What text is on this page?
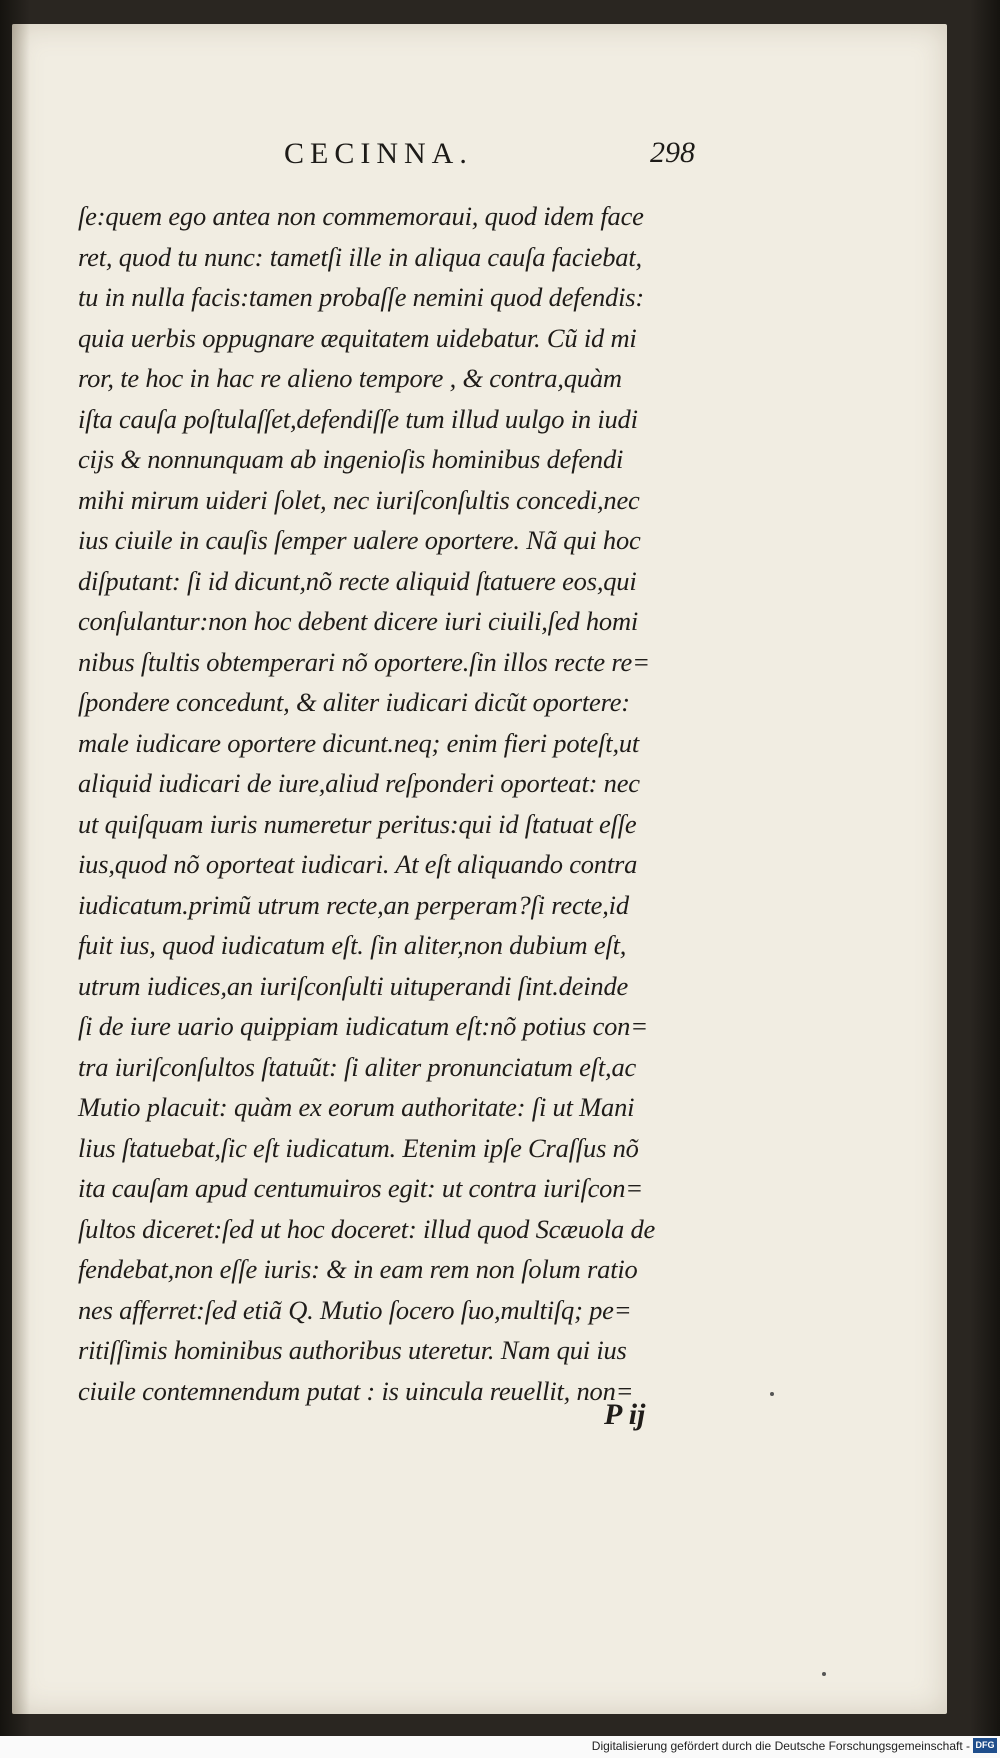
CECINNA.	298
ſe:quem ego antea non commemoraui, quod idem face
ret, quod tu nunc: tametſi ille in aliqua cauſa faciebat,
tu in nulla facis:tamen probaſſe nemini quod defendis:
quia uerbis oppugnare æquitatem uidebatur. Cũ id mi
ror, te hoc in hac re alieno tempore , & contra,quàm
iſta cauſa poſtulaſſet,defendiſſe tum illud uulgo in iudi
cijs & nonnunquam ab ingenioſis hominibus defendi
mihi mirum uideri ſolet, nec iuriſconſultis concedi,nec
ius ciuile in cauſis ſemper ualere oportere. Nã qui hoc
diſputant: ſi id dicunt,nõ recte aliquid ſtatuere eos,qui
conſulantur:non hoc debent dicere iuri ciuili,ſed homi
nibus ſtultis obtemperari nõ oportere.ſin illos recte re=
ſpondere concedunt, & aliter iudicari dicũt oportere:
male iudicare oportere dicunt.neq; enim fieri poteſt,ut
aliquid iudicari de iure,aliud reſponderi oporteat: nec
ut quiſquam iuris numeretur peritus:qui id ſtatuat eſſe
ius,quod nõ oporteat iudicari. At eſt aliquando contra
iudicatum.primũ utrum recte,an perperam?ſi recte,id
fuit ius, quod iudicatum eſt. ſin aliter,non dubium eſt,
utrum iudices,an iuriſconſulti uituperandi ſint.deinde
ſi de iure uario quippiam iudicatum eſt:nõ potius con=
tra iuriſconſultos ſtatuũt: ſi aliter pronunciatum eſt,ac
Mutio placuit: quàm ex eorum authoritate: ſi ut Mani
lius ſtatuebat,ſic eſt iudicatum. Etenim ipſe Craſſus nõ
ita cauſam apud centumuiros egit: ut contra iuriſcon=
ſultos diceret:ſed ut hoc doceret: illud quod Scæuola de
fendebat,non eſſe iuris: & in eam rem non ſolum ratio
nes afferret:ſed etiã Q. Mutio ſocero ſuo,multiſq; pe=
ritiſſimis hominibus authoribus uteretur. Nam qui ius
ciuile contemnendum putat : is uincula reuellit, non=
P ij
Digitalisierung gefördert durch die Deutsche Forschungsgemeinschaft - DFG
